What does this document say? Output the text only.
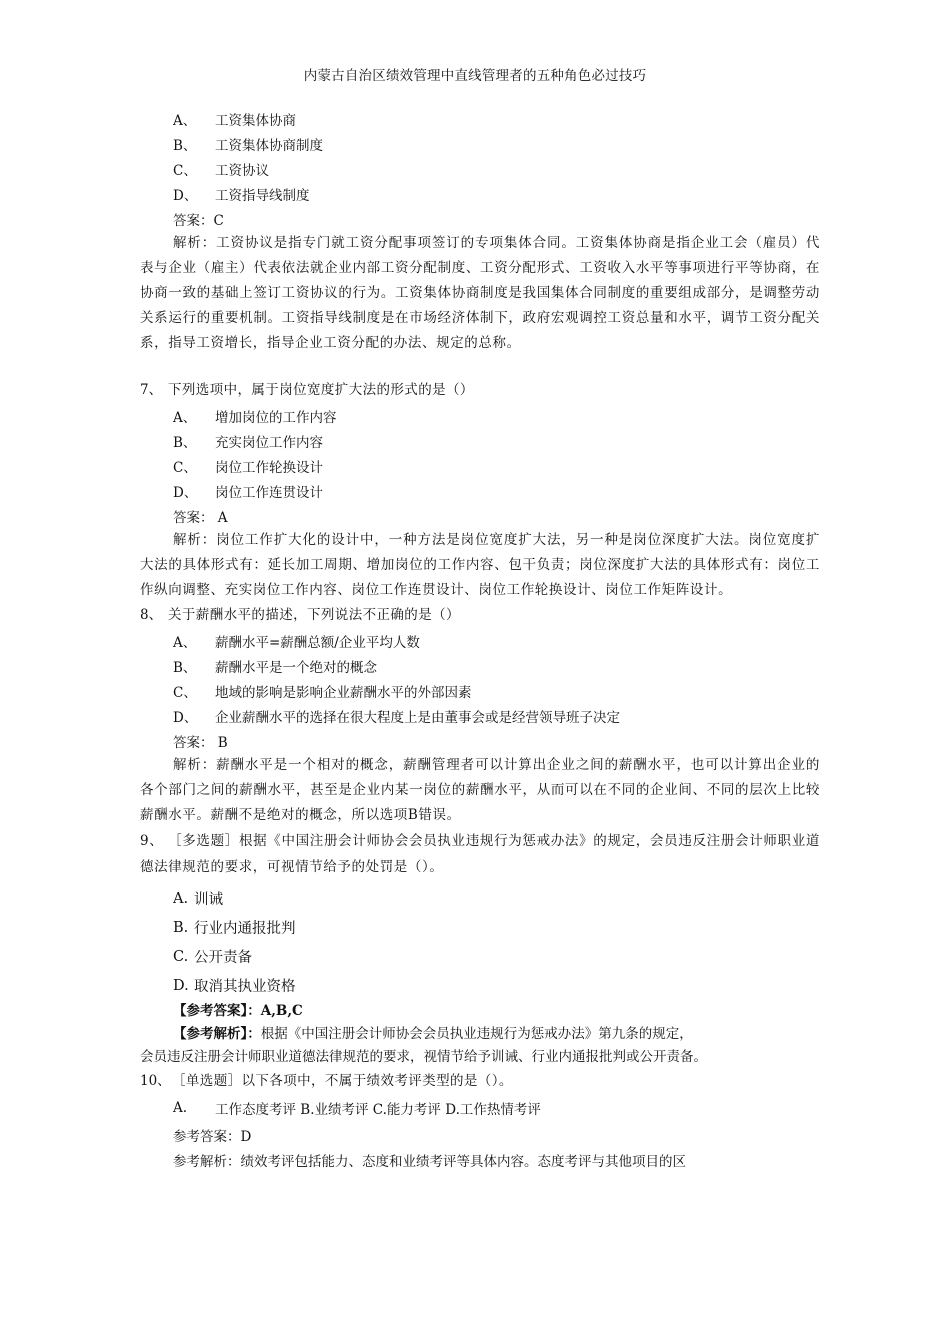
内蒙古自治区绩效管理中直线管理者的五种角色必过技巧
A、	工资集体协商
B、	工资集体协商制度
C、	工资协议
D、	工资指导线制度
答案：C
解析：工资协议是指专门就工资分配事项签订的专项集体合同。工资集体协商是指企业工会（雇员）代表与企业（雇主）代表依法就企业内部工资分配制度、工资分配形式、工资收入水平等事项进行平等协商，在协商一致的基础上签订工资协议的行为。工资集体协商制度是我国集体合同制度的重要组成部分，是调整劳动关系运行的重要机制。工资指导线制度是在市场经济体制下，政府宏观调控工资总量和水平，调节工资分配关系，指导工资增长，指导企业工资分配的办法、规定的总称。
7、 下列选项中，属于岗位宽度扩大法的形式的是（）
A、	增加岗位的工作内容
B、	充实岗位工作内容
C、	岗位工作轮换设计
D、	岗位工作连贯设计
答案： A
解析：岗位工作扩大化的设计中，一种方法是岗位宽度扩大法，另一种是岗位深度扩大法。岗位宽度扩大法的具体形式有：延长加工周期、增加岗位的工作内容、包干负责；岗位深度扩大法的具体形式有：岗位工作纵向调整、充实岗位工作内容、岗位工作连贯设计、岗位工作轮换设计、岗位工作矩阵设计。
8、 关于薪酬水平的描述，下列说法不正确的是（）
A、	薪酬水平=薪酬总额/企业平均人数
B、	薪酬水平是一个绝对的概念
C、	地域的影响是影响企业薪酬水平的外部因素
D、	企业薪酬水平的选择在很大程度上是由董事会或是经营领导班子决定
答案： B
解析：薪酬水平是一个相对的概念，薪酬管理者可以计算出企业之间的薪酬水平，也可以计算出企业的各个部门之间的薪酬水平，甚至是企业内某一岗位的薪酬水平，从而可以在不同的企业间、不同的层次上比较薪酬水平。薪酬不是绝对的概念，所以选项B错误。
9、 ［多选题］根据《中国注册会计师协会会员执业违规行为惩戒办法》的规定，会员违反注册会计师职业道德法律规范的要求，可视情节给予的处罚是（）。
A. 训诫
B. 行业内通报批判
C. 公开责备
D. 取消其执业资格
【参考答案】：A,B,C
【参考解析】：根据《中国注册会计师协会会员执业违规行为惩戒办法》第九条的规定，
会员违反注册会计师职业道德法律规范的要求，视情节给予训诫、行业内通报批判或公开责备。
10、 ［单选题］以下各项中，不属于绩效考评类型的是（）。
A.	工作态度考评 B.业绩考评 C.能力考评 D.工作热情考评
参考答案：D
参考解析：绩效考评包括能力、态度和业绩考评等具体内容。态度考评与其他项目的区
